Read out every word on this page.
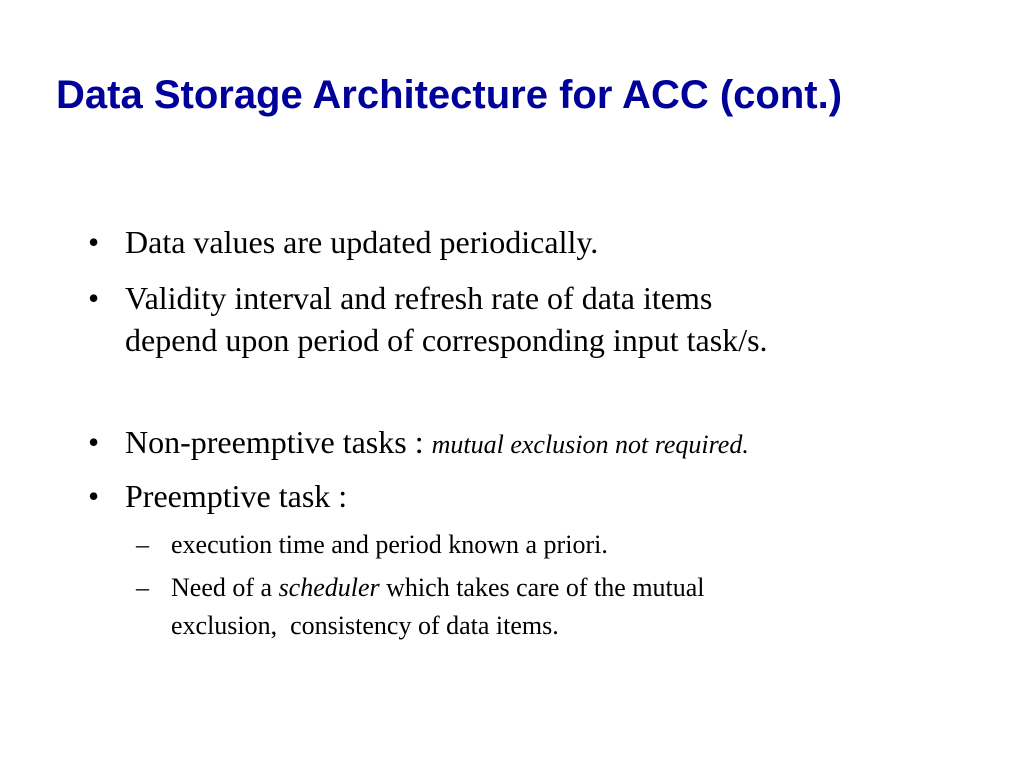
Data Storage Architecture for ACC (cont.)
• Data values are updated periodically.
• Validity interval and refresh rate of data items
depend upon period of corresponding input task/s.
• Non-preemptive tasks : mutual exclusion not required.
• Preemptive task :
– execution time and period known a priori.
– Need of a scheduler which takes care of the mutual
exclusion,  consistency of data items.
